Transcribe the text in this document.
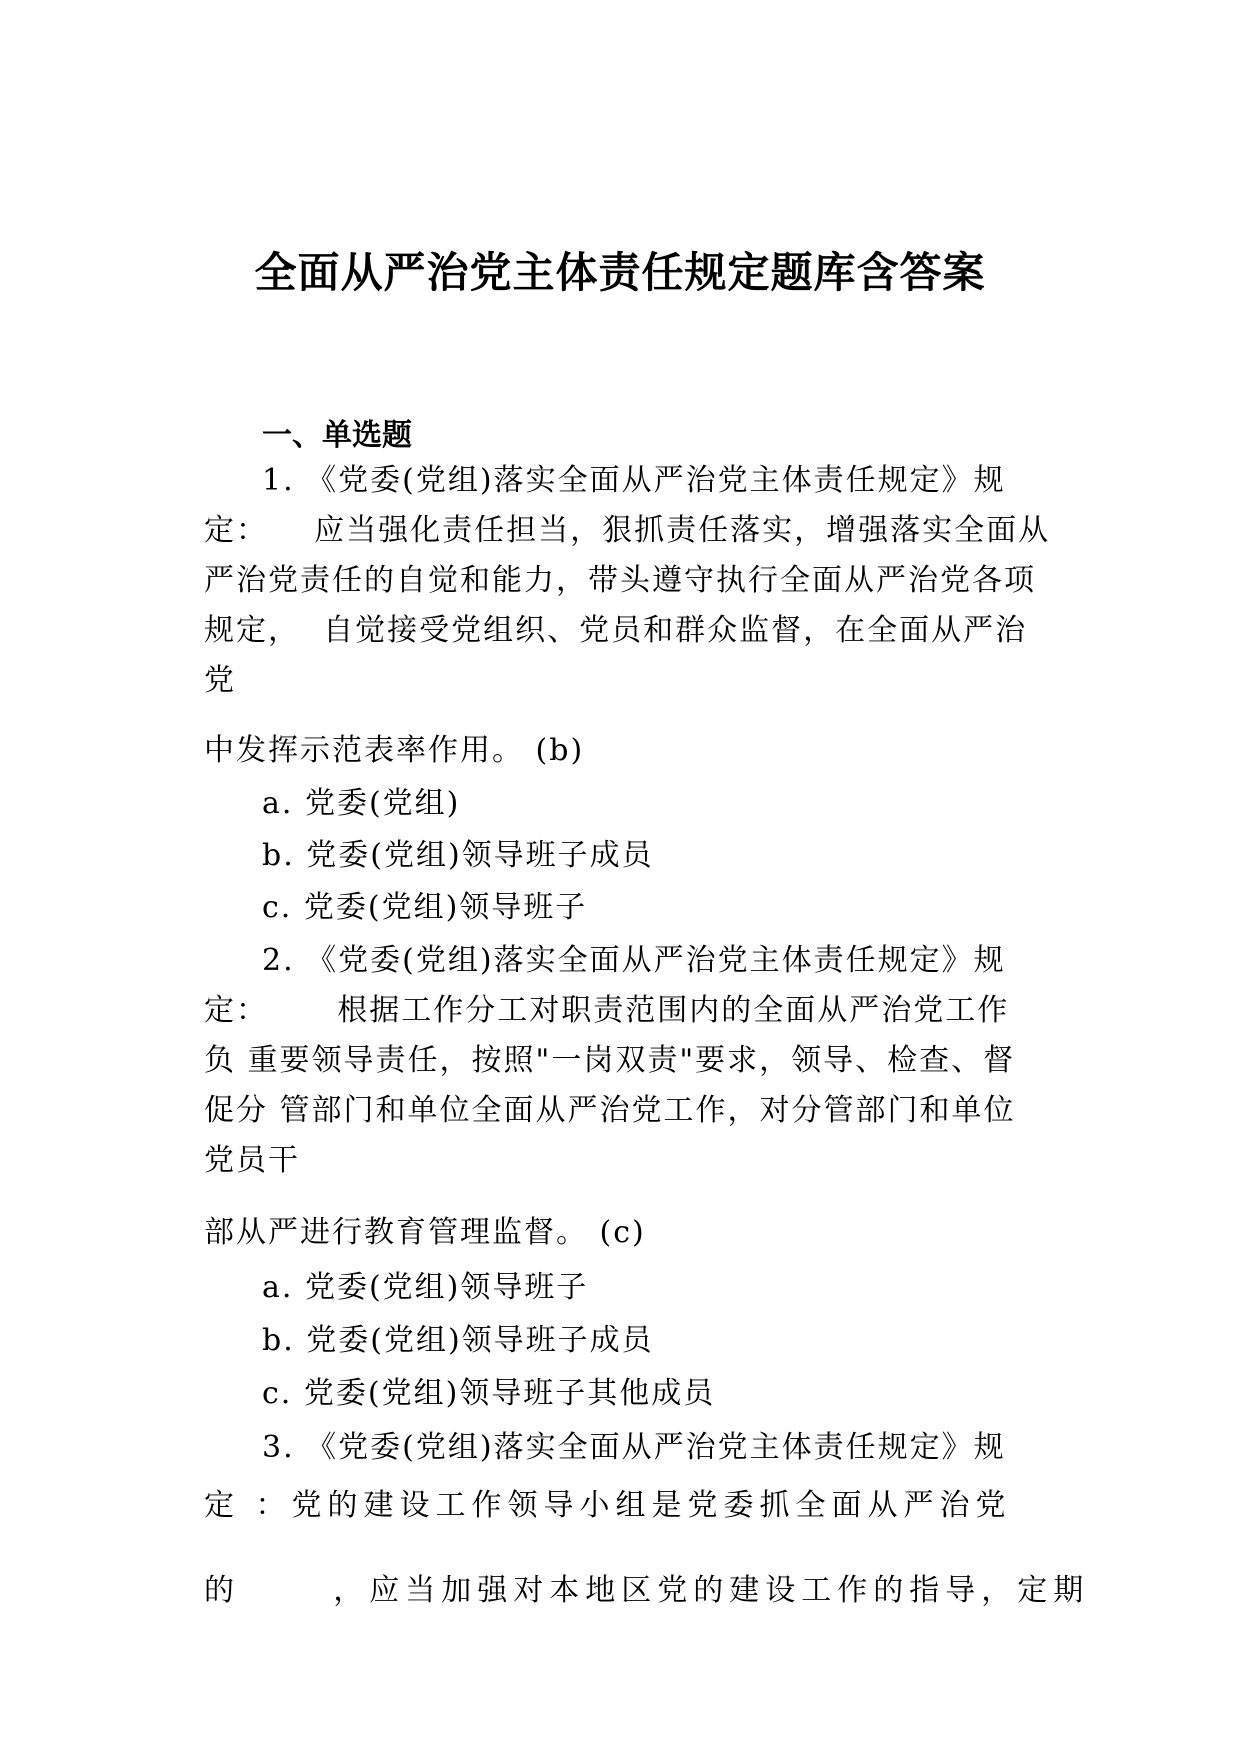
全面从严治党主体责任规定题库含答案
一、单选题
1. 《党委(党组)落实全面从严治党主体责任规定》规
定：    应当强化责任担当，狠抓责任落实，增强落实全面从
严治党责任的自觉和能力，带头遵守执行全面从严治党各项
规定，  自觉接受党组织、党员和群众监督，在全面从严治
党
中发挥示范表率作用。 (b)
a. 党委(党组)
b. 党委(党组)领导班子成员
c. 党委(党组)领导班子
2. 《党委(党组)落实全面从严治党主体责任规定》规
定：      根据工作分工对职责范围内的全面从严治党工作
负 重要领导责任，按照"一岗双责"要求，领导、检查、督
促分 管部门和单位全面从严治党工作，对分管部门和单位
党员干
部从严进行教育管理监督。 (c)
a. 党委(党组)领导班子
b. 党委(党组)领导班子成员
c. 党委(党组)领导班子其他成员
3. 《党委(党组)落实全面从严治党主体责任规定》规
定 ：党的建设工作领导小组是党委抓全面从严治党
的      ，应当加强对本地区党的建设工作的指导，定期
